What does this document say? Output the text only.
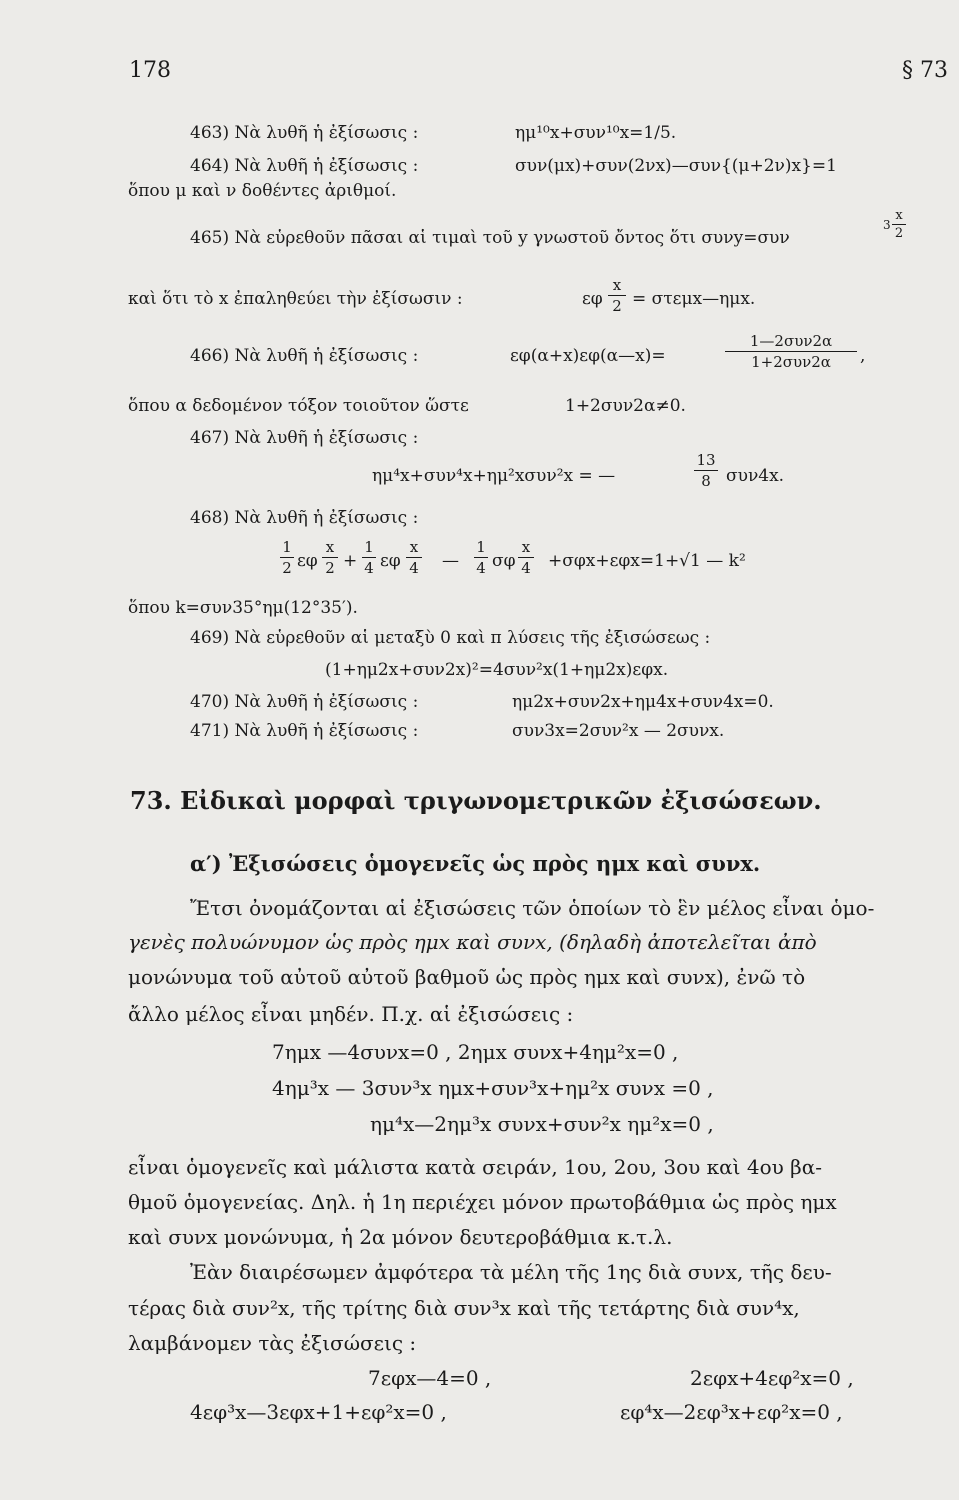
178	§ 73
463) Νὰ λυθῆ ἡ ἐξίσωσις :	ημ¹⁰x+συν¹⁰x=1/5.
464) Νὰ λυθῆ ἡ ἐξίσωσις :	συν(μx)+συν(2νx)—συν{(μ+2ν)x}=1
ὅπου μ καὶ ν δοθέντες ἀριθμοί.
465) Νὰ εὑρεθοῦν πᾶσαι αἱ τιμαὶ τοῦ y γνωστοῦ ὄντος ὅτι συνy=συν
3
x
2
καὶ ὅτι τὸ x ἐπαληθεύει τὴν ἐξίσωσιν :	εφ
x
2 = στεμx—ημx.
466) Νὰ λυθῆ ἡ ἐξίσωσις :	εφ(α+x)εφ(α—x)=
1—2συν2α
1+2συν2α	,
ὅπου α δεδομένον τόξον τοιοῦτον ὥστε	1+2συν2α≠0.
467) Νὰ λυθῆ ἡ ἐξίσωσις :
ημ⁴x+συν⁴x+ημ²xσυν²x = —
13
8 συν4x.
468) Νὰ λυθῆ ἡ ἐξίσωσις :
1
2 εφ
x
2 +
1
4 εφ
x
4 —
1
4 σφ
x
4 +σφx+εφx=1+√1 — k²
ὅπου k=συν35°ημ(12°35′).
469) Νὰ εὑρεθοῦν αἱ μεταξὺ 0 καὶ π λύσεις τῆς ἐξισώσεως :
(1+ημ2x+συν2x)²=4συν²x(1+ημ2x)εφx.
470) Νὰ λυθῆ ἡ ἐξίσωσις :	ημ2x+συν2x+ημ4x+συν4x=0.
471) Νὰ λυθῆ ἡ ἐξίσωσις :	συν3x=2συν²x — 2συνx.
73. Εἰδικαὶ μορφαὶ τριγωνομετρικῶν ἐξισώσεων.
α′) Ἐξισώσεις ὁμογενεῖς ὡς πρὸς ημx καὶ συνx.
Ἔτσι ὀνομάζονται αἱ ἐξισώσεις τῶν ὁποίων τὸ ἓν μέλος εἶναι ὁμο-
γενὲς πολυώνυμον ὡς πρὸς ημx καὶ συνx, (δηλαδὴ ἀποτελεῖται ἀπὸ
μονώνυμα τοῦ αὐτοῦ αὐτοῦ βαθμοῦ ὡς πρὸς ημx καὶ συνx), ἐνῶ τὸ
ἄλλο μέλος εἶναι μηδέν. Π.χ. αἱ ἐξισώσεις :
7ημx —4συνx=0 , 2ημx συνx+4ημ²x=0 ,
4ημ³x — 3συν³x ημx+συν³x+ημ²x συνx =0 ,
ημ⁴x—2ημ³x συνx+συν²x ημ²x=0 ,
εἶναι ὁμογενεῖς καὶ μάλιστα κατὰ σειράν, 1ου, 2ου, 3ου καὶ 4ου βα-
θμοῦ ὁμογενείας. Δηλ. ἡ 1η περιέχει μόνον πρωτοβάθμια ὡς πρὸς ημx
καὶ συνx μονώνυμα, ἡ 2α μόνον δευτεροβάθμια κ.τ.λ.
Ἐὰν διαιρέσωμεν ἀμφότερα τὰ μέλη τῆς 1ης διὰ συνx, τῆς δευ-
τέρας διὰ συν²x, τῆς τρίτης διὰ συν³x καὶ τῆς τετάρτης διὰ συν⁴x,
λαμβάνομεν τὰς ἐξισώσεις :
7εφx—4=0 ,	2εφx+4εφ²x=0 ,
4εφ³x—3εφx+1+εφ²x=0 ,	εφ⁴x—2εφ³x+εφ²x=0 ,
